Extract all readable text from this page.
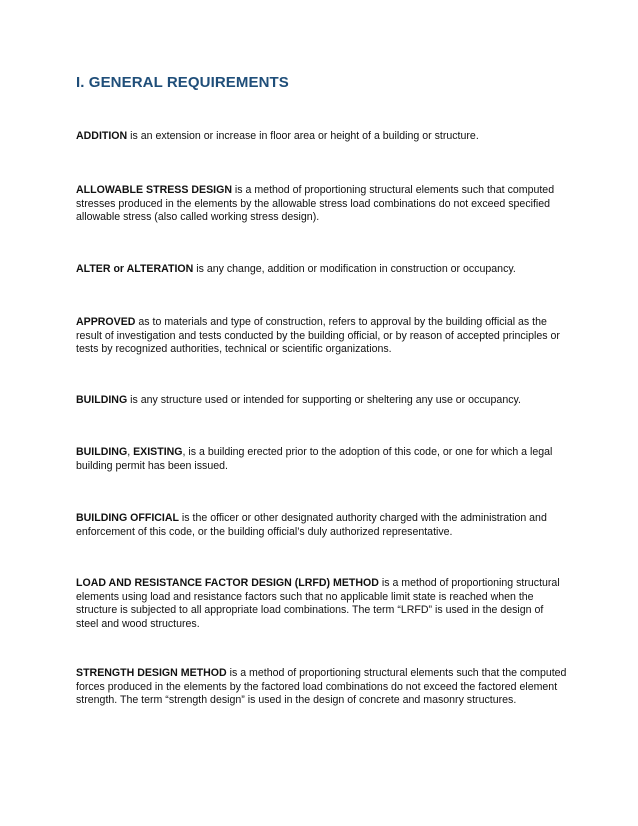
I. GENERAL REQUIREMENTS

ADDITION is an extension or increase in floor area or height of a building or structure.

ALLOWABLE STRESS DESIGN is a method of proportioning structural elements such that computed stresses produced in the elements by the allowable stress load combinations do not exceed specified allowable stress (also called working stress design).

ALTER or ALTERATION is any change, addition or modification in construction or occupancy.

APPROVED as to materials and type of construction, refers to approval by the building official as the result of investigation and tests conducted by the building official, or by reason of accepted principles or tests by recognized authorities, technical or scientific organizations.

BUILDING is any structure used or intended for supporting or sheltering any use or occupancy.

BUILDING, EXISTING, is a building erected prior to the adoption of this code, or one for which a legal building permit has been issued.

BUILDING OFFICIAL is the officer or other designated authority charged with the administration and enforcement of this code, or the building official’s duly authorized representative.

LOAD AND RESISTANCE FACTOR DESIGN (LRFD) METHOD is a method of proportioning structural elements using load and resistance factors such that no applicable limit state is reached when the structure is subjected to all appropriate load combinations. The term “LRFD” is used in the design of steel and wood structures.

STRENGTH DESIGN METHOD is a method of proportioning structural elements such that the computed forces produced in the elements by the factored load combinations do not exceed the factored element strength. The term “strength design” is used in the design of concrete and masonry structures.
